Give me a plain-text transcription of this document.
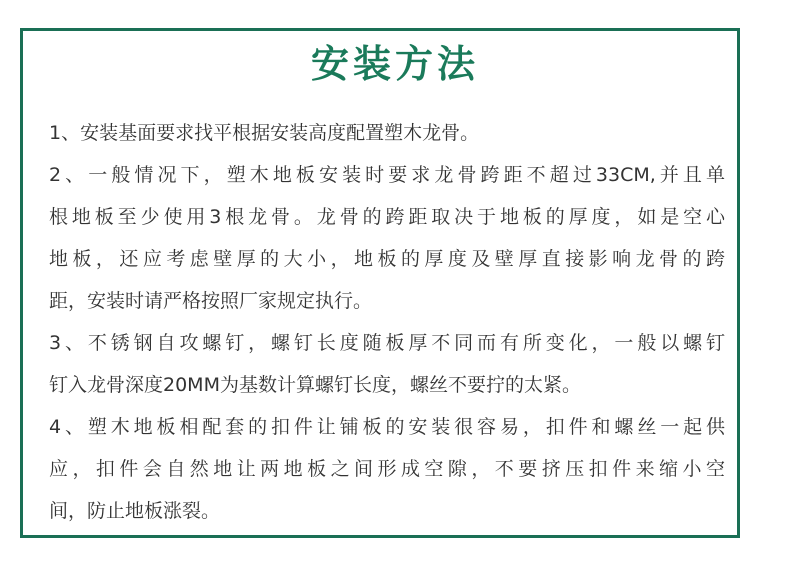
安装方法
1、安装基面要求找平根据安装高度配置塑木龙骨。
2、一般情况下，塑木地板安装时要求龙骨跨距不超过33CM,并且单
根地板至少使用3根龙骨。龙骨的跨距取决于地板的厚度，如是空心
地板，还应考虑壁厚的大小，地板的厚度及壁厚直接影响龙骨的跨
距，安装时请严格按照厂家规定执行。
3、不锈钢自攻螺钉，螺钉长度随板厚不同而有所变化，一般以螺钉
钉入龙骨深度20MM为基数计算螺钉长度，螺丝不要拧的太紧。
4、塑木地板相配套的扣件让铺板的安装很容易，扣件和螺丝一起供
应，扣件会自然地让两地板之间形成空隙，不要挤压扣件来缩小空
间，防止地板涨裂。
